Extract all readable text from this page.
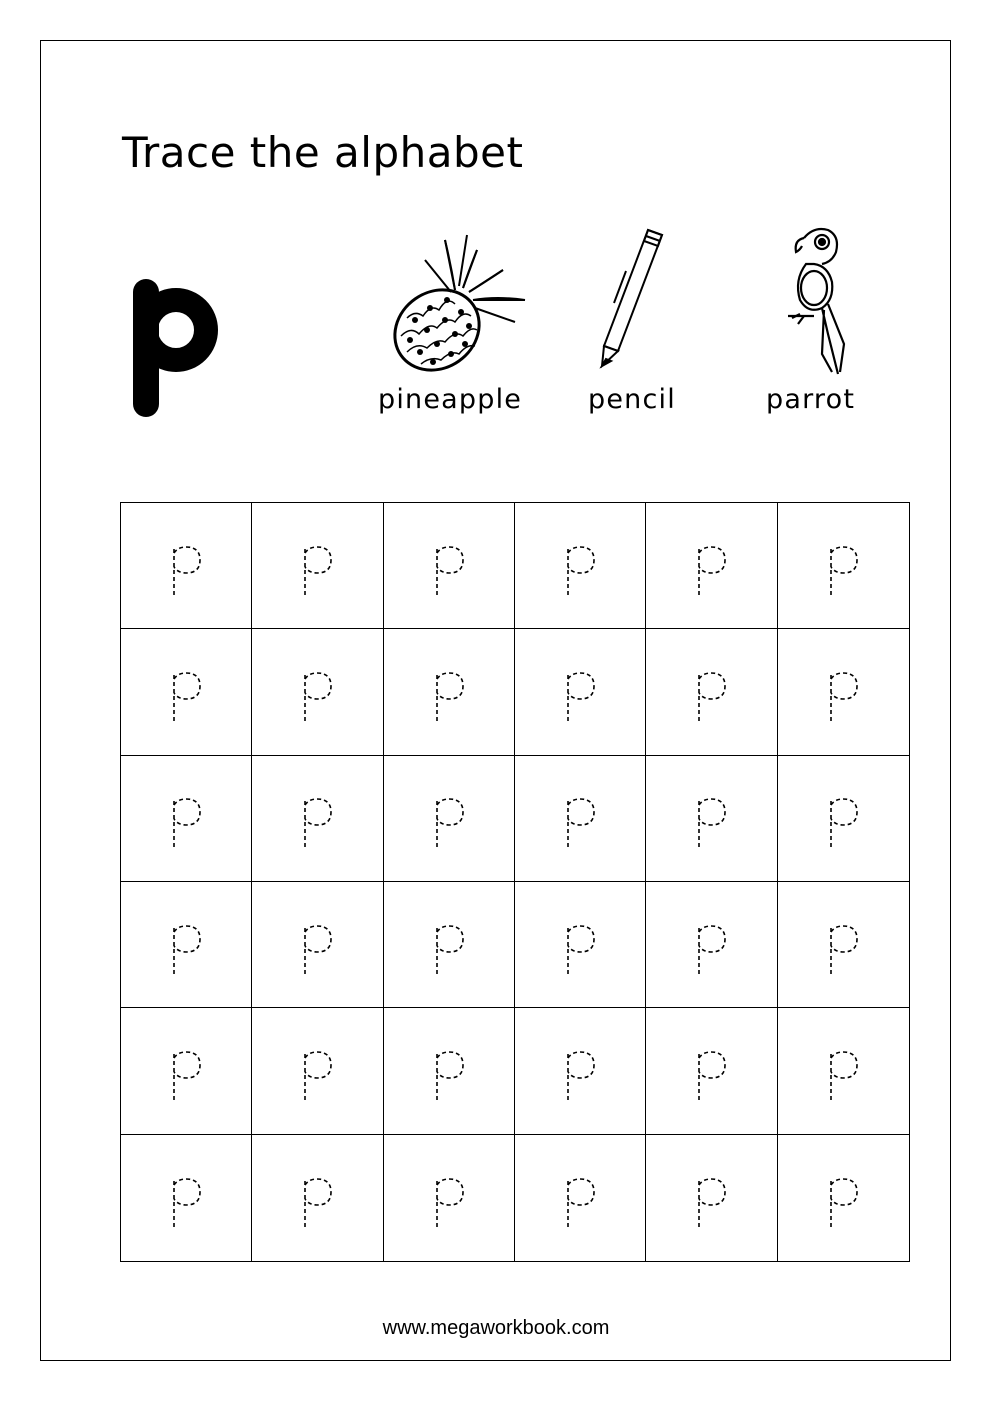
Trace the alphabet
pineapple pencil	parrot
www.megaworkbook.com
